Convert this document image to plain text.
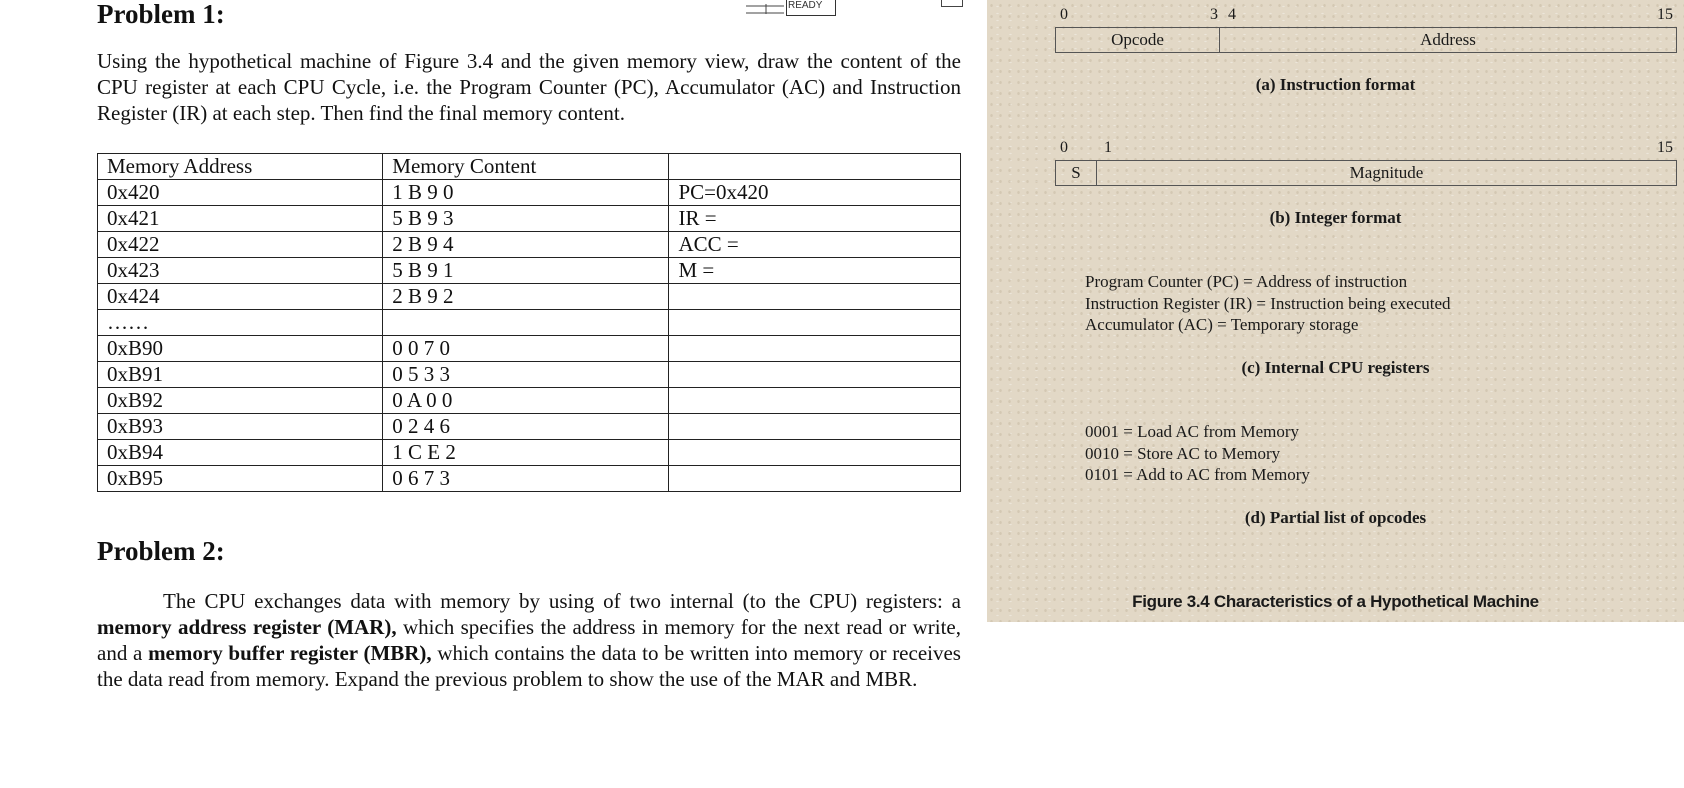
READY
Problem 1:
Using the hypothetical machine of Figure 3.4 and the given memory view, draw the content of the CPU register at each CPU Cycle, i.e. the Program Counter (PC), Accumulator (AC) and Instruction Register (IR) at each step. Then find the final memory content.
Memory Address	Memory Content	
0x420	1 B 9 0	PC=0x420
0x421	5 B 9 3	IR =
0x422	2 B 9 4	ACC =
0x423	5 B 9 1	M =
0x424	2 B 9 2	
……		
0xB90	0 0 7 0	
0xB91	0 5 3 3	
0xB92	0 A 0 0	
0xB93	0 2 4 6	
0xB94	1 C E 2	
0xB95	0 6 7 3	
Problem 2:
The CPU exchanges data with memory by using of two internal (to the CPU) registers: a memory address register (MAR), which specifies the address in memory for the next read or write, and a memory buffer register (MBR), which contains the data to be written into memory or receives the data read from memory. Expand the previous problem to show the use of the MAR and MBR.
0	3 4	15
Opcode	Address
(a) Instruction format
0 1	15
S	Magnitude
(b) Integer format
Program Counter (PC) = Address of instruction
Instruction Register (IR) = Instruction being executed
Accumulator (AC) = Temporary storage
(c) Internal CPU registers
0001 = Load AC from Memory
0010 = Store AC to Memory
0101 = Add to AC from Memory
(d) Partial list of opcodes
Figure 3.4 Characteristics of a Hypothetical Machine
